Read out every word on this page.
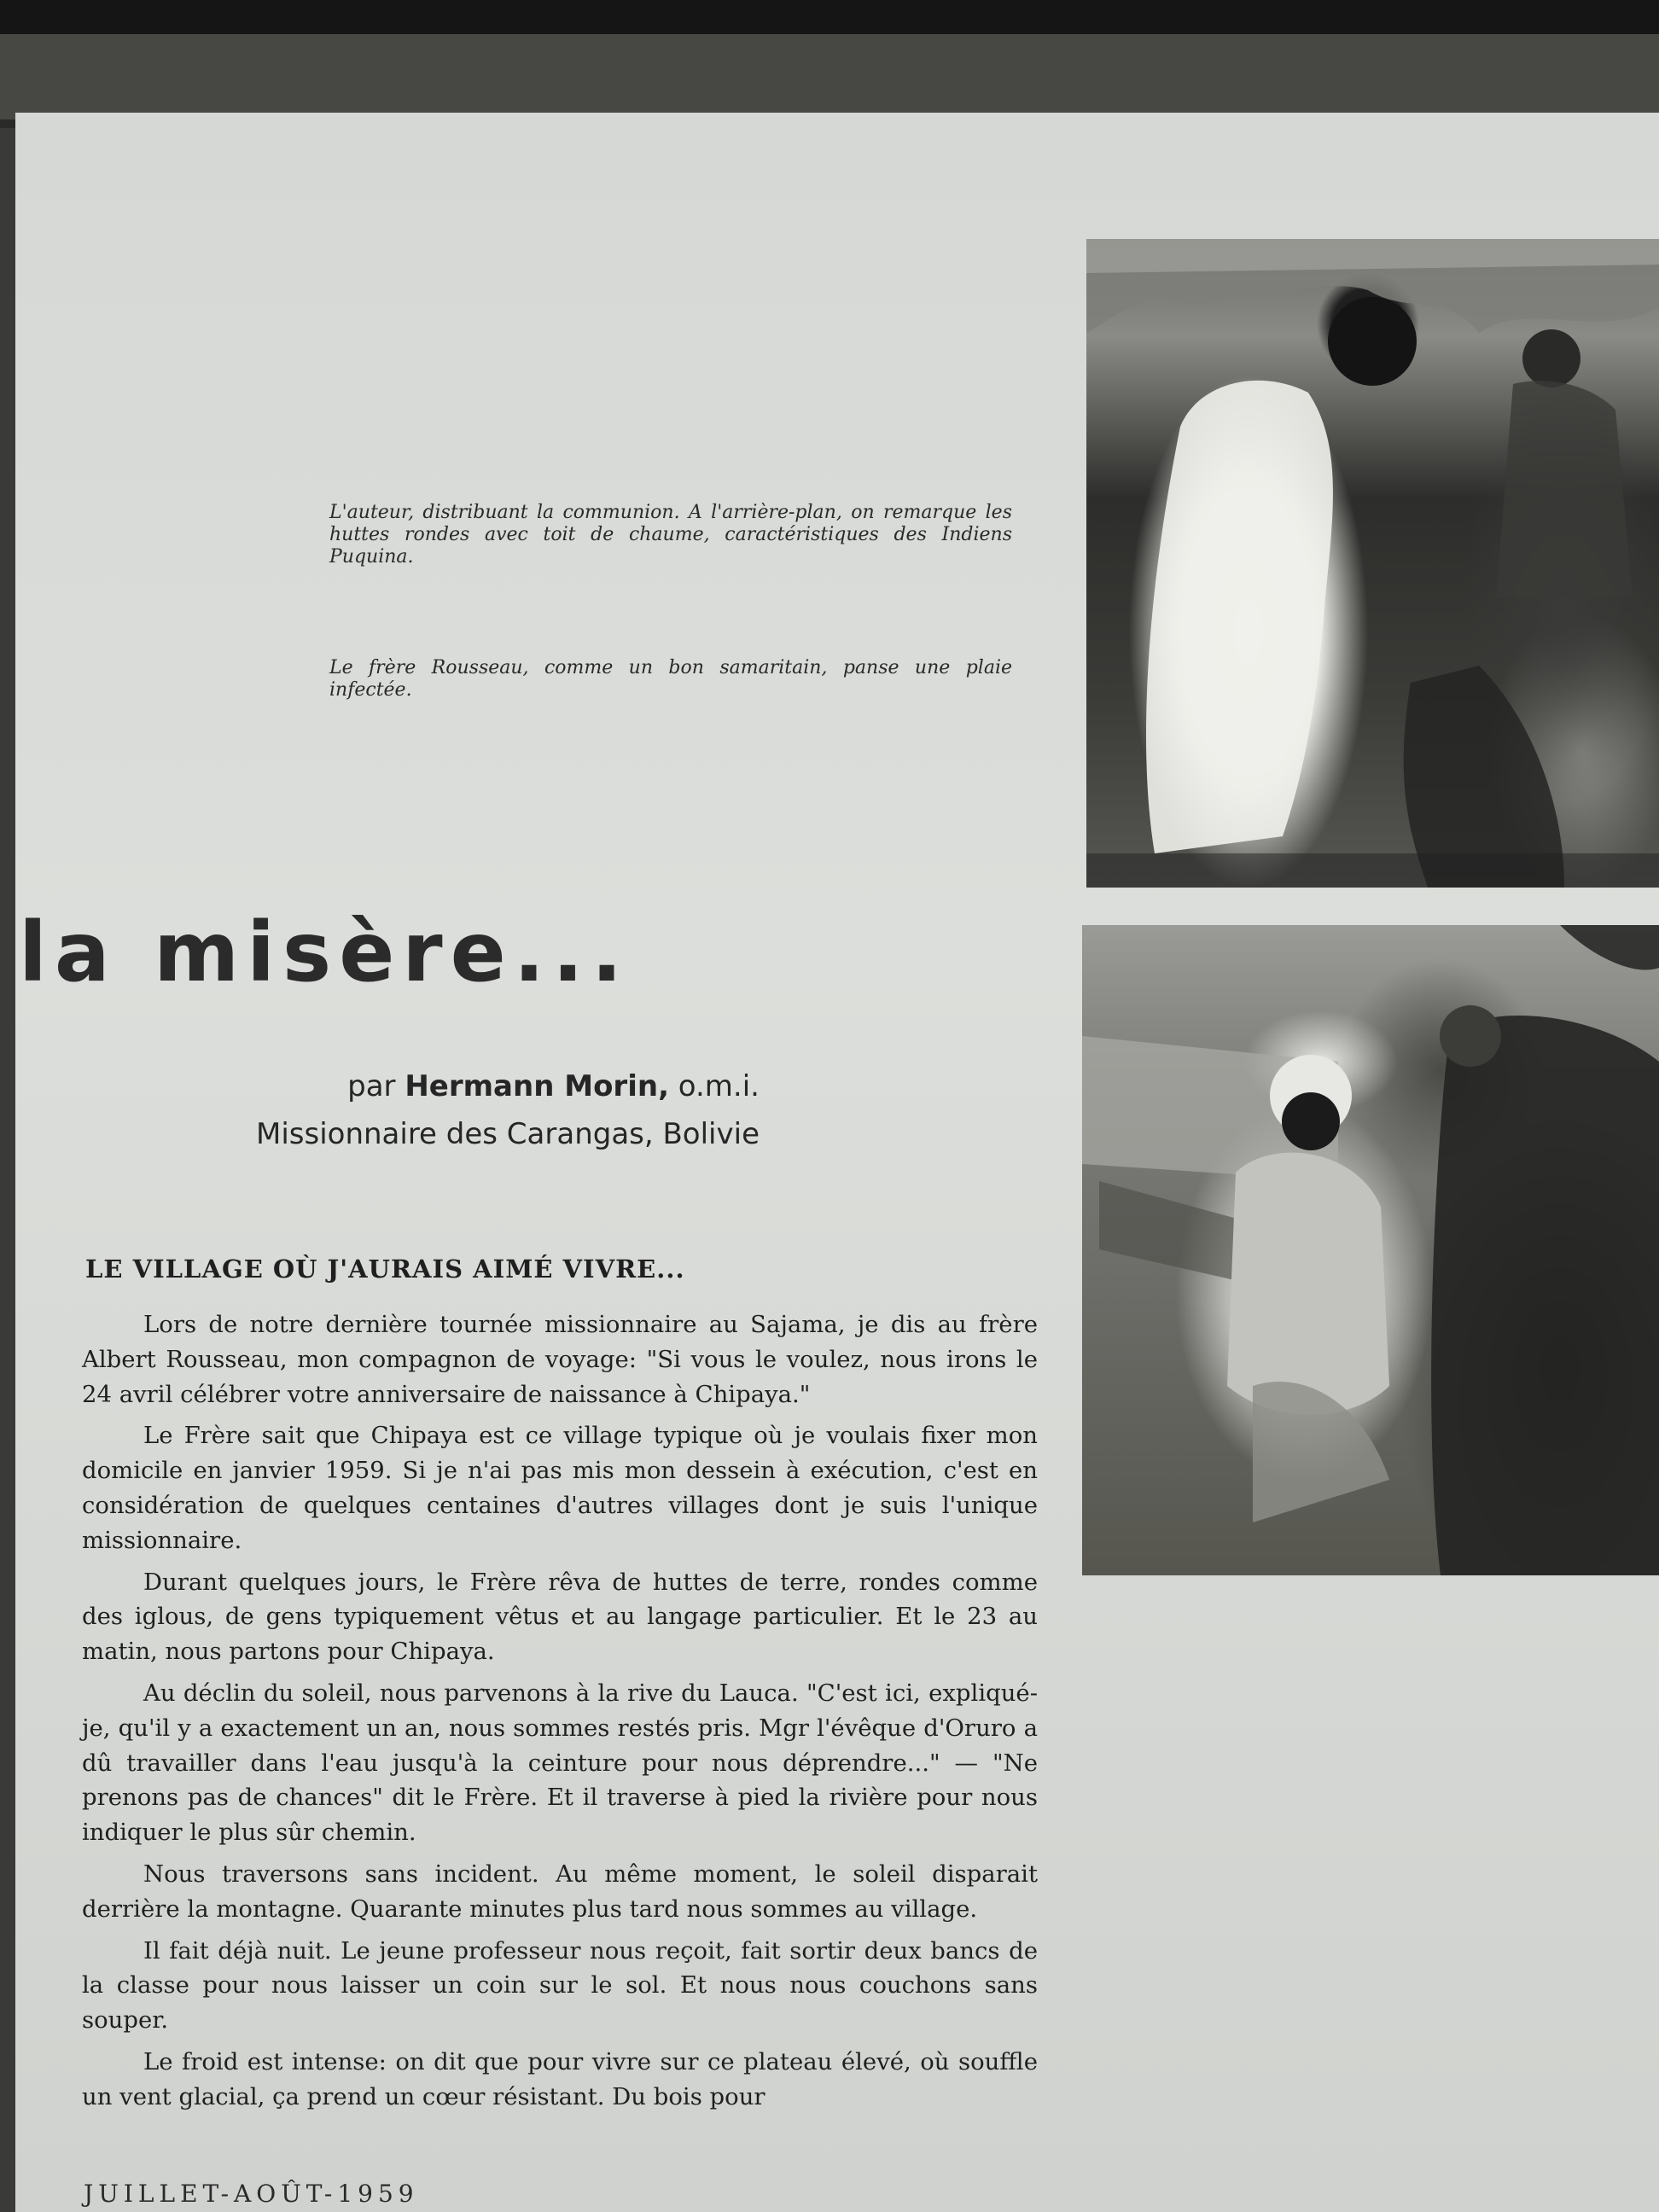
L'auteur, distribuant la communion. A l'arrière-plan, on remarque les huttes rondes avec toit de chaume, caractéristiques des Indiens Puquina.
Le frère Rousseau, comme un bon samaritain, panse une plaie infectée.
la misère...
par Hermann Morin, o.m.i.
Missionnaire des Carangas, Bolivie
LE VILLAGE OÙ J'AURAIS AIMÉ VIVRE...

Lors de notre dernière tournée missionnaire au Sajama, je dis au frère Albert Rousseau, mon compagnon de voyage: "Si vous le voulez, nous irons le 24 avril célébrer votre anniversaire de naissance à Chipaya."

Le Frère sait que Chipaya est ce village typique où je voulais fixer mon domicile en janvier 1959. Si je n'ai pas mis mon dessein à exécution, c'est en considération de quelques centaines d'autres villages dont je suis l'unique missionnaire.

Durant quelques jours, le Frère rêva de huttes de terre, rondes comme des iglous, de gens typiquement vêtus et au langage particulier. Et le 23 au matin, nous partons pour Chipaya.

Au déclin du soleil, nous parvenons à la rive du Lauca. "C'est ici, expliqué-je, qu'il y a exactement un an, nous sommes restés pris. Mgr l'évêque d'Oruro a dû travailler dans l'eau jusqu'à la ceinture pour nous déprendre..." — "Ne prenons pas de chances" dit le Frère. Et il traverse à pied la rivière pour nous indiquer le plus sûr chemin.

Nous traversons sans incident. Au même moment, le soleil disparait derrière la montagne. Quarante minutes plus tard nous sommes au village.

Il fait déjà nuit. Le jeune professeur nous reçoit, fait sortir deux bancs de la classe pour nous laisser un coin sur le sol. Et nous nous couchons sans souper.

Le froid est intense: on dit que pour vivre sur ce plateau élevé, où souffle un vent glacial, ça prend un cœur résistant. Du bois pour

JUILLET-AOÛT-1959
